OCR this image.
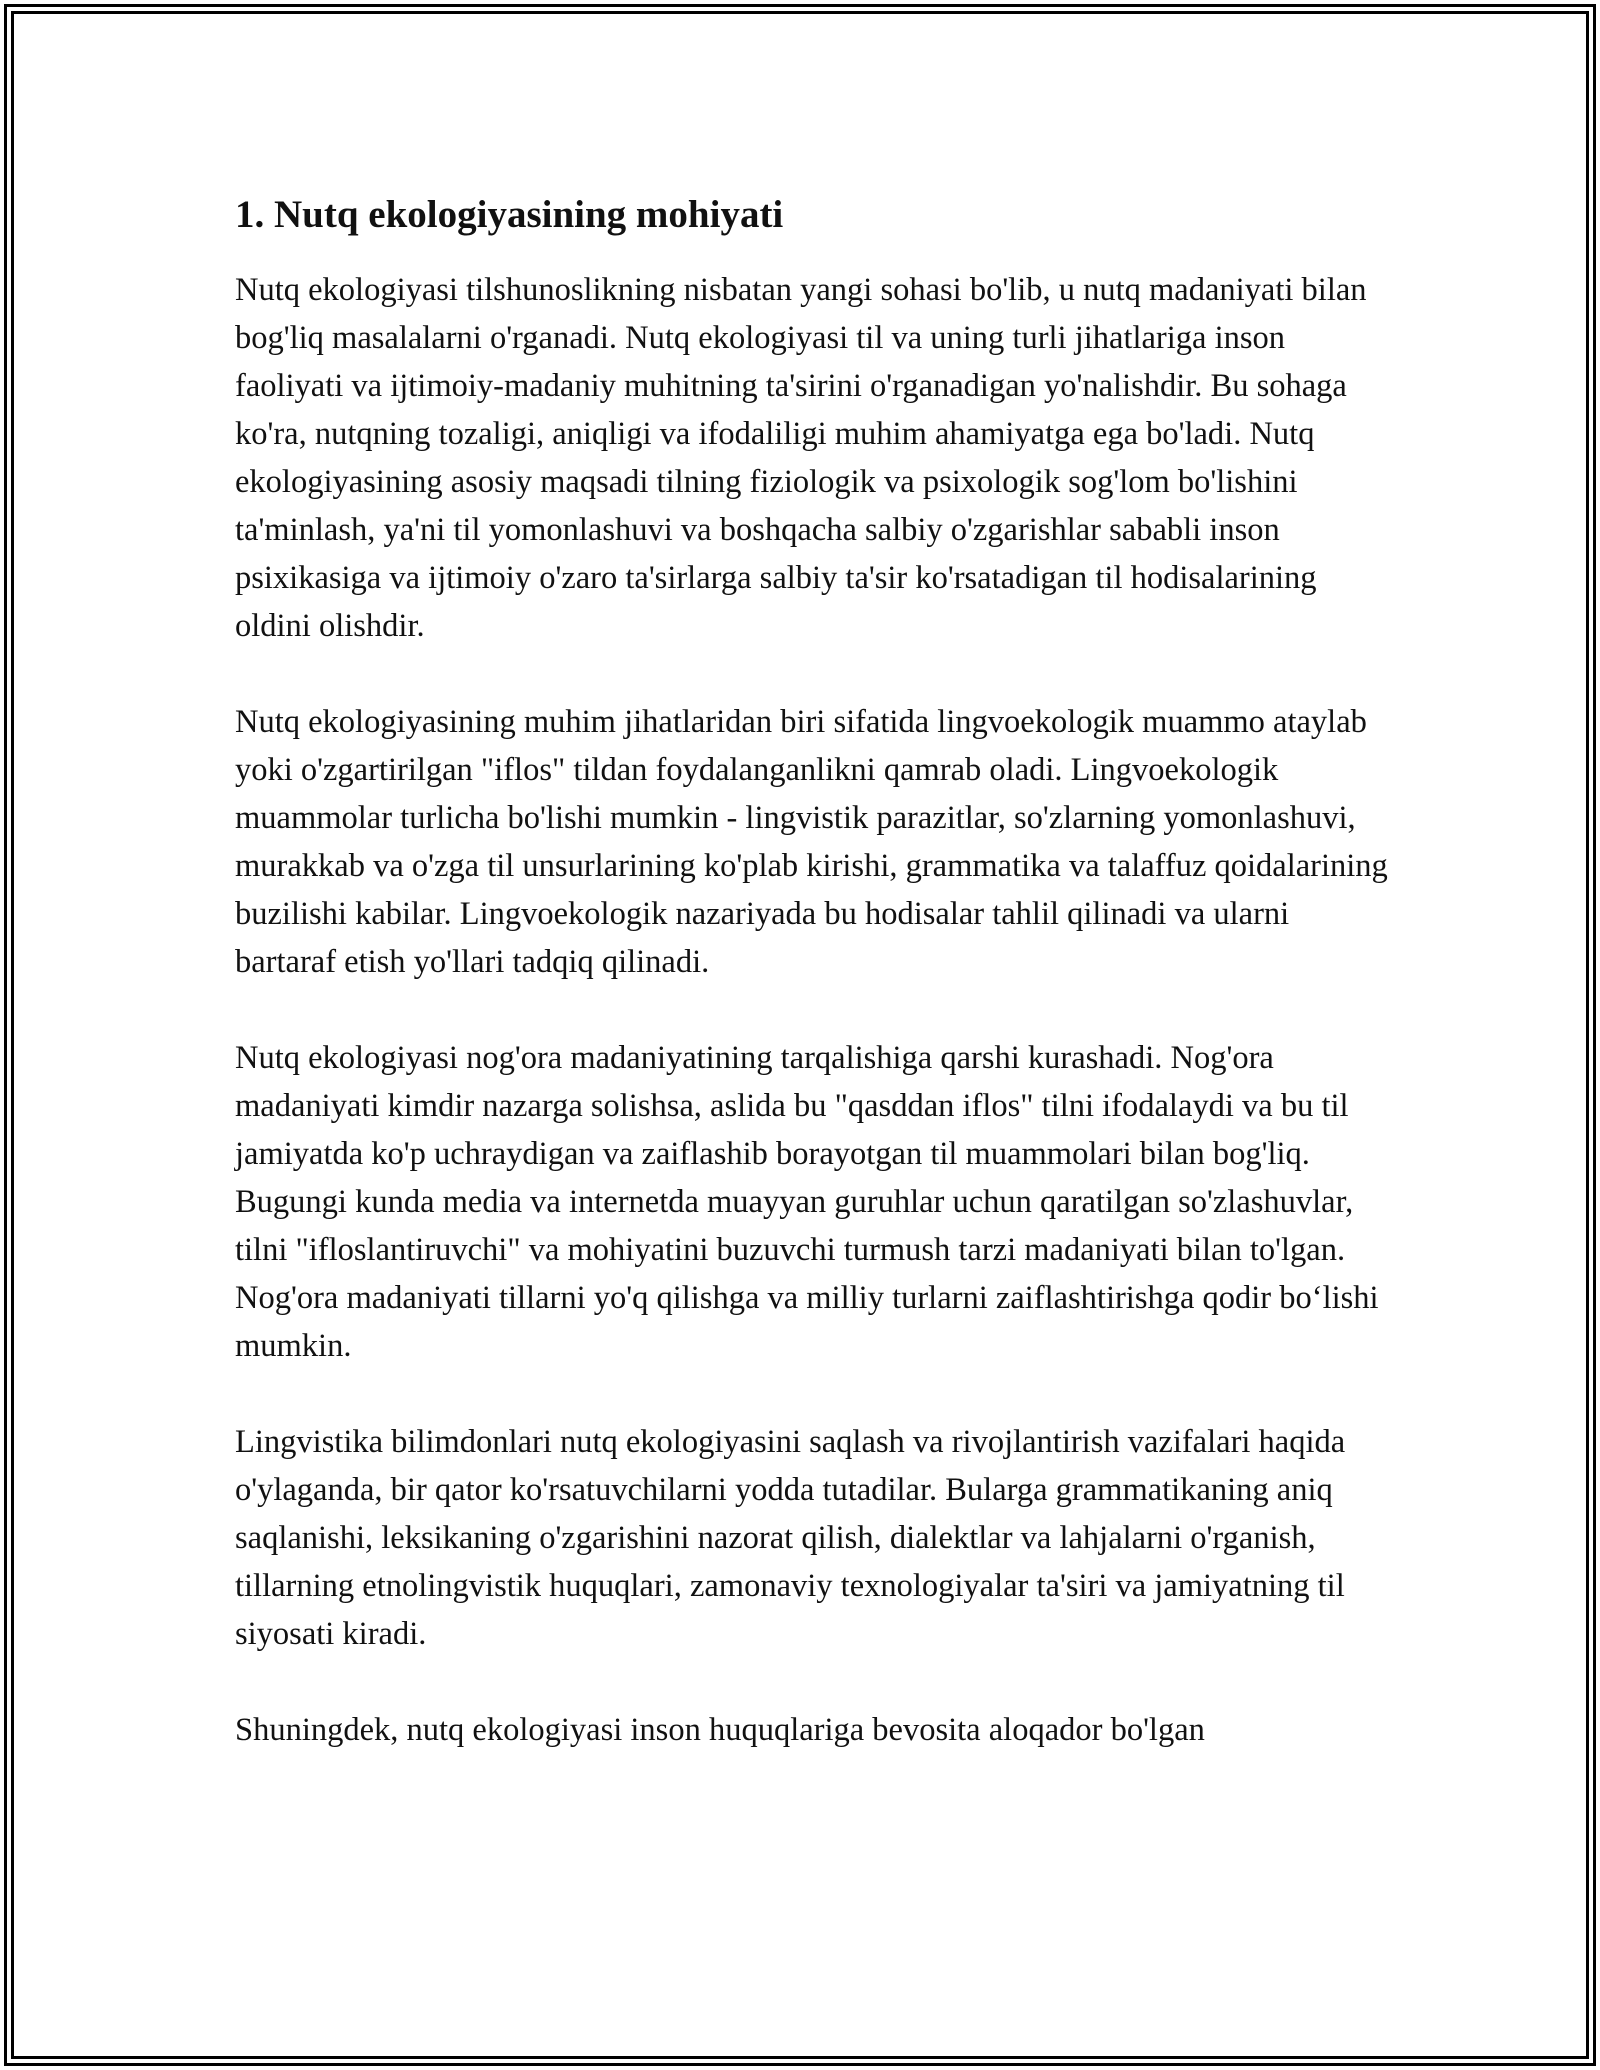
1. Nutq ekologiyasining mohiyati

Nutq ekologiyasi tilshunoslikning nisbatan yangi sohasi bo'lib, u nutq madaniyati bilan bog'liq masalalarni o'rganadi. Nutq ekologiyasi til va uning turli jihatlariga inson faoliyati va ijtimoiy-madaniy muhitning ta'sirini o'rganadigan yo'nalishdir. Bu sohaga ko'ra, nutqning tozaligi, aniqligi va ifodaliligi muhim ahamiyatga ega bo'ladi. Nutq ekologiyasining asosiy maqsadi tilning fiziologik va psixologik sog'lom bo'lishini ta'minlash, ya'ni til yomonlashuvi va boshqacha salbiy o'zgarishlar sababli inson psixikasiga va ijtimoiy o'zaro ta'sirlarga salbiy ta'sir ko'rsatadigan til hodisalarining oldini olishdir.

Nutq ekologiyasining muhim jihatlaridan biri sifatida lingvoekologik muammo ataylab yoki o'zgartirilgan "iflos" tildan foydalanganlikni qamrab oladi. Lingvoekologik muammolar turlicha bo'lishi mumkin - lingvistik parazitlar, so'zlarning yomonlashuvi, murakkab va o'zga til unsurlarining ko'plab kirishi, grammatika va talaffuz qoidalarining buzilishi kabilar. Lingvoekologik nazariyada bu hodisalar tahlil qilinadi va ularni bartaraf etish yo'llari tadqiq qilinadi.

Nutq ekologiyasi nog'ora madaniyatining tarqalishiga qarshi kurashadi. Nog'ora madaniyati kimdir nazarga solishsa, aslida bu "qasddan iflos" tilni ifodalaydi va bu til jamiyatda ko'p uchraydigan va zaiflashib borayotgan til muammolari bilan bog'liq. Bugungi kunda media va internetda muayyan guruhlar uchun qaratilgan so'zlashuvlar, tilni "ifloslantiruvchi" va mohiyatini buzuvchi turmush tarzi madaniyati bilan to'lgan. Nog'ora madaniyati tillarni yo'q qilishga va milliy turlarni zaiflashtirishga qodir bo‘lishi mumkin.

Lingvistika bilimdonlari nutq ekologiyasini saqlash va rivojlantirish vazifalari haqida o'ylaganda, bir qator ko'rsatuvchilarni yodda tutadilar. Bularga grammatikaning aniq saqlanishi, leksikaning o'zgarishini nazorat qilish, dialektlar va lahjalarni o'rganish, tillarning etnolingvistik huquqlari, zamonaviy texnologiyalar ta'siri va jamiyatning til siyosati kiradi.

Shuningdek, nutq ekologiyasi inson huquqlariga bevosita aloqador bo'lgan
